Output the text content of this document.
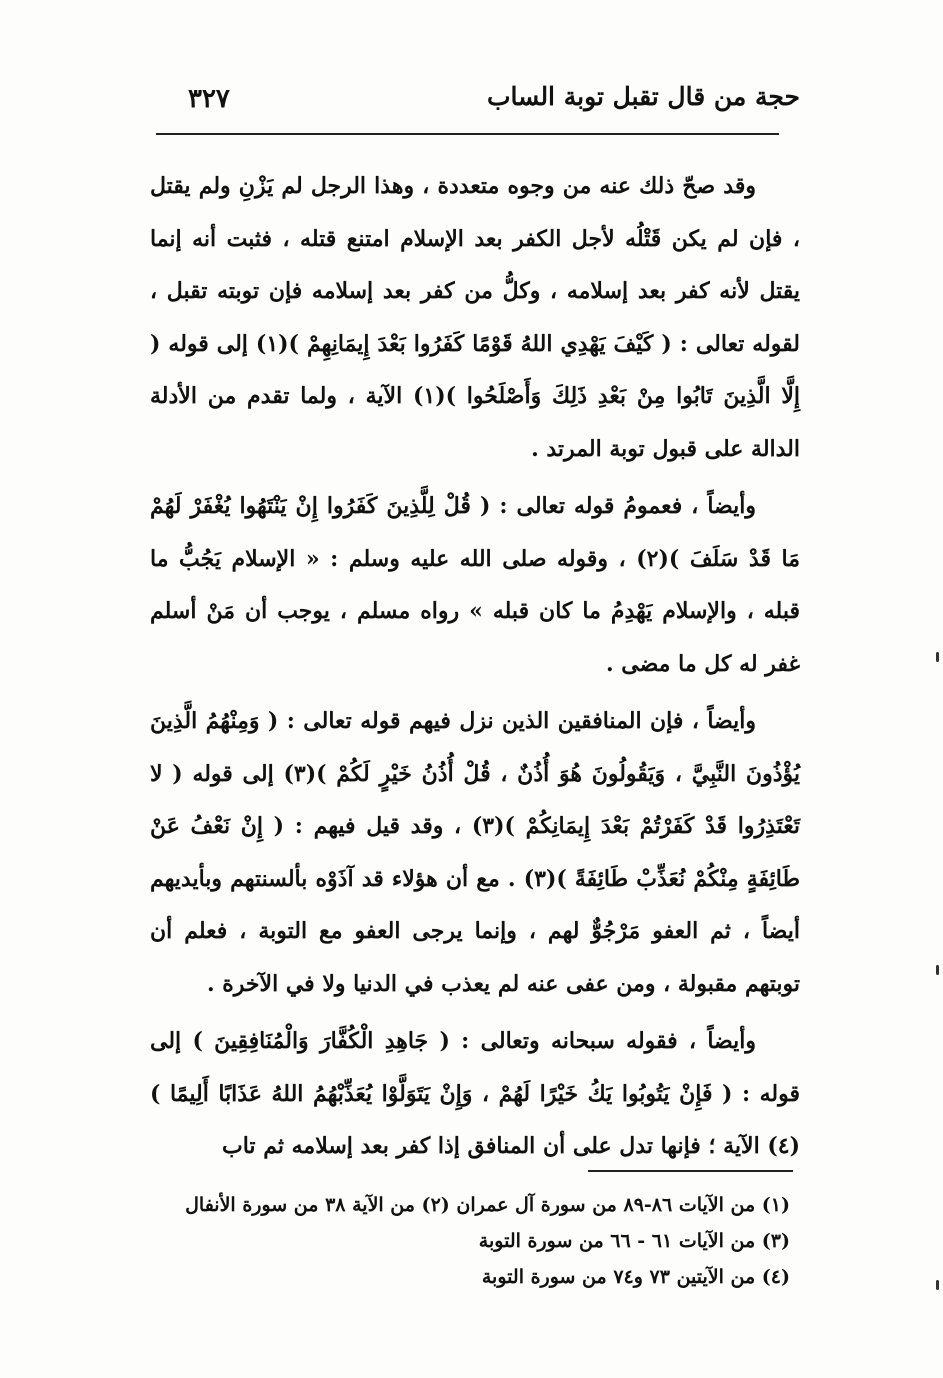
حجة من قال تقبل توبة الساب
٣٢٧

وقد صحّ ذلك عنه من وجوه متعددة ، وهذا الرجل لم يَزْنِ ولم يقتل ، فإن لم يكن قَتْلُه لأجل الكفر بعد الإسلام امتنع قتله ، فثبت أنه إنما يقتل لأنه كفر بعد إسلامه ، وكلُّ من كفر بعد إسلامه فإن توبته تقبل ، لقوله تعالى : ( كَيْفَ يَهْدِي اللهُ قَوْمًا كَفَرُوا بَعْدَ إِيمَانِهِمْ )(١) إلى قوله ( إِلَّا الَّذِينَ تَابُوا مِنْ بَعْدِ ذَلِكَ وَأَصْلَحُوا )(١) الآية ، ولما تقدم من الأدلة الدالة على قبول توبة المرتد .

وأيضاً ، فعمومُ قوله تعالى : ( قُلْ لِلَّذِينَ كَفَرُوا إِنْ يَنْتَهُوا يُغْفَرْ لَهُمْ مَا قَدْ سَلَفَ )(٢) ، وقوله صلى الله عليه وسلم : « الإسلام يَجُبُّ ما قبله ، والإسلام يَهْدِمُ ما كان قبله » رواه مسلم ، يوجب أن مَنْ أسلم غفر له كل ما مضى .

وأيضاً ، فإن المنافقين الذين نزل فيهم قوله تعالى : ( وَمِنْهُمُ الَّذِينَ يُؤْذُونَ النَّبِيَّ ، وَيَقُولُونَ هُوَ أُذُنٌ ، قُلْ أُذُنُ خَيْرٍ لَكُمْ )(٣) إلى قوله ( لا تَعْتَذِرُوا قَدْ كَفَرْتُمْ بَعْدَ إِيمَانِكُمْ )(٣) ، وقد قيل فيهم : ( إِنْ نَعْفُ عَنْ طَائِفَةٍ مِنْكُمْ نُعَذِّبْ طَائِفَةً )(٣) . مع أن هؤلاء قد آذَوْه بألسنتهم وبأيديهم أيضاً ، ثم العفو مَرْجُوٌّ لهم ، وإنما يرجى العفو مع التوبة ، فعلم أن توبتهم مقبولة ، ومن عفى عنه لم يعذب في الدنيا ولا في الآخرة .

وأيضاً ، فقوله سبحانه وتعالى : ( جَاهِدِ الْكُفَّارَ وَالْمُنَافِقِينَ ) إلى قوله : ( فَإِنْ يَتُوبُوا يَكُ خَيْرًا لَهُمْ ، وَإِنْ يَتَوَلَّوْا يُعَذِّبْهُمُ اللهُ عَذَابًا أَلِيمًا )(٤) الآية ؛ فإنها تدل على أن المنافق إذا كفر بعد إسلامه ثم تاب

(١) من الآيات ٨٦-٨٩ من سورة آل عمران (٢) من الآية ٣٨ من سورة الأنفال
(٣) من الآيات ٦١ - ٦٦ من سورة التوبة
(٤) من الآيتين ٧٣ و٧٤ من سورة التوبة
